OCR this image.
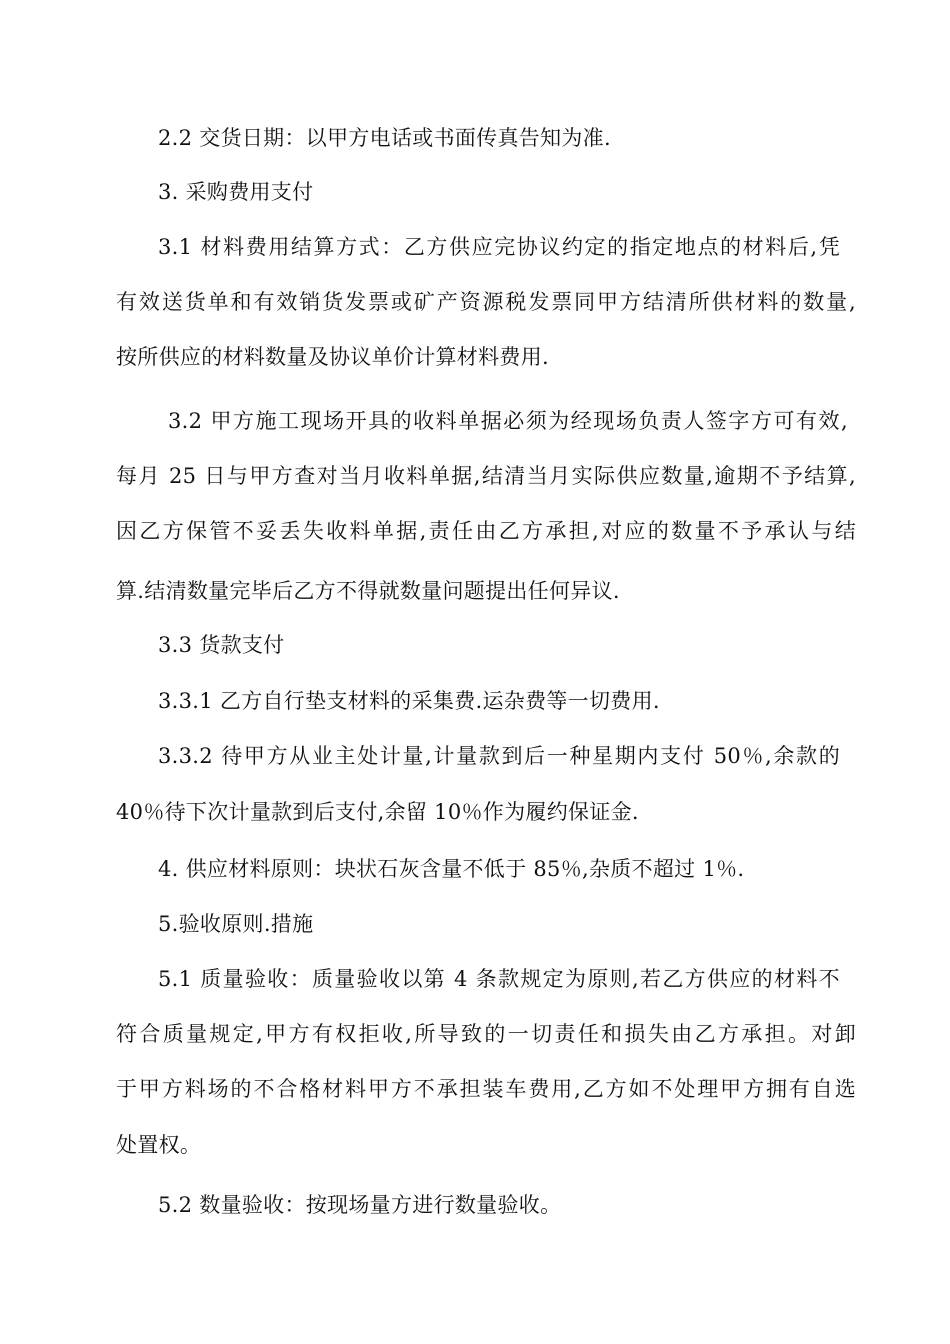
2.2 交货日期：以甲方电话或书面传真告知为准.
3. 采购费用支付
3.1 材料费用结算方式：乙方供应完协议约定的指定地点的材料后,凭
有效送货单和有效销货发票或矿产资源税发票同甲方结清所供材料的数量,
按所供应的材料数量及协议单价计算材料费用.
3.2 甲方施工现场开具的收料单据必须为经现场负责人签字方可有效,
每月 25 日与甲方查对当月收料单据,结清当月实际供应数量,逾期不予结算,
因乙方保管不妥丢失收料单据,责任由乙方承担,对应的数量不予承认与结
算.结清数量完毕后乙方不得就数量问题提出任何异议.
3.3 货款支付
3.3.1 乙方自行垫支材料的采集费.运杂费等一切费用.
3.3.2 待甲方从业主处计量,计量款到后一种星期内支付 50％,余款的
40％待下次计量款到后支付,余留 10％作为履约保证金.
4. 供应材料原则：块状石灰含量不低于 85％,杂质不超过 1％.
5.验收原则.措施
5.1 质量验收：质量验收以第 4 条款规定为原则,若乙方供应的材料不
符合质量规定,甲方有权拒收,所导致的一切责任和损失由乙方承担。对卸
于甲方料场的不合格材料甲方不承担装车费用,乙方如不处理甲方拥有自选
处置权。
5.2 数量验收：按现场量方进行数量验收。
